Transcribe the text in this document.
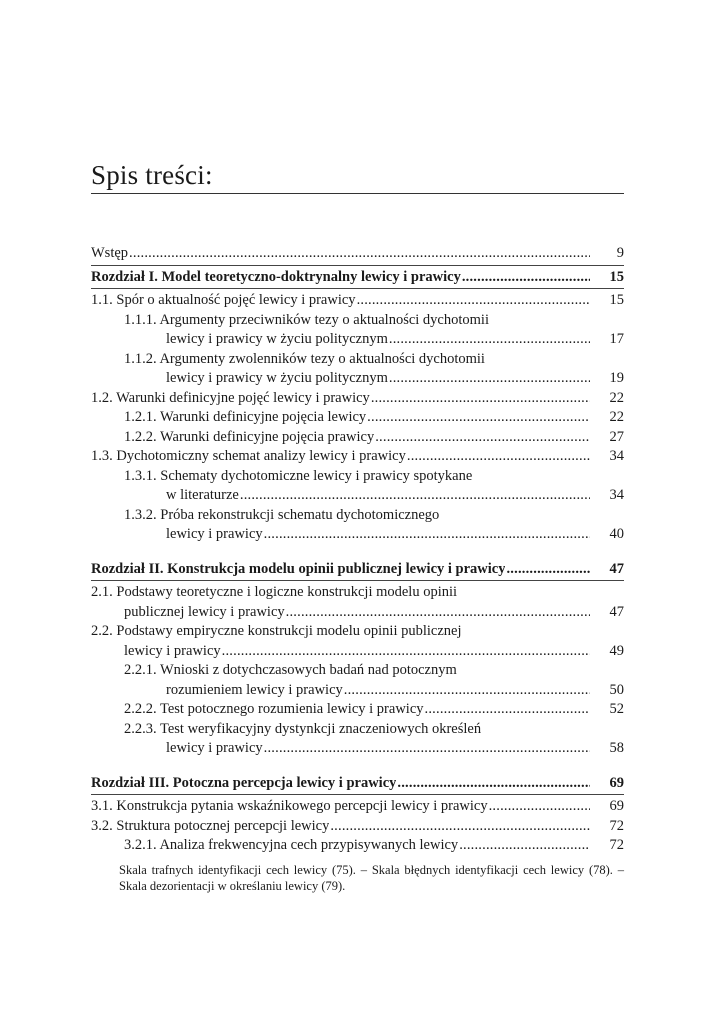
Spis treści:
Wstęp .....	9
Rozdział I. Model teoretyczno-doktrynalny lewicy i prawicy .....	15
1.1. Spór o aktualność pojęć lewicy i prawicy .....	15
1.1.1. Argumenty przeciwników tezy o aktualności dychotomii
lewicy i prawicy w życiu politycznym .....	17
1.1.2. Argumenty zwolenników tezy o aktualności dychotomii
lewicy i prawicy w życiu politycznym .....	19
1.2. Warunki definicyjne pojęć lewicy i prawicy .....	22
1.2.1. Warunki definicyjne pojęcia lewicy .....	22
1.2.2. Warunki definicyjne pojęcia prawicy .....	27
1.3. Dychotomiczny schemat analizy lewicy i prawicy .....	34
1.3.1. Schematy dychotomiczne lewicy i prawicy spotykane
w literaturze .....	34
1.3.2. Próba rekonstrukcji schematu dychotomicznego
lewicy i prawicy .....	40
Rozdział II. Konstrukcja modelu opinii publicznej lewicy i prawicy .....	47
2.1. Podstawy teoretyczne i logiczne konstrukcji modelu opinii
publicznej lewicy i prawicy .....	47
2.2. Podstawy empiryczne konstrukcji modelu opinii publicznej
lewicy i prawicy .....	49
2.2.1. Wnioski z dotychczasowych badań nad potocznym
rozumieniem lewicy i prawicy .....	50
2.2.2. Test potocznego rozumienia lewicy i prawicy .....	52
2.2.3. Test weryfikacyjny dystynkcji znaczeniowych określeń
lewicy i prawicy .....	58
Rozdział III. Potoczna percepcja lewicy i prawicy .....	69
3.1. Konstrukcja pytania wskaźnikowego percepcji lewicy i prawicy .....	69
3.2. Struktura potocznej percepcji lewicy .....	72
3.2.1. Analiza frekwencyjna cech przypisywanych lewicy .....	72
Skala trafnych identyfikacji cech lewicy (75). – Skala błędnych identyfikacji cech lewicy (78). – Skala dezorientacji w określaniu lewicy (79).
